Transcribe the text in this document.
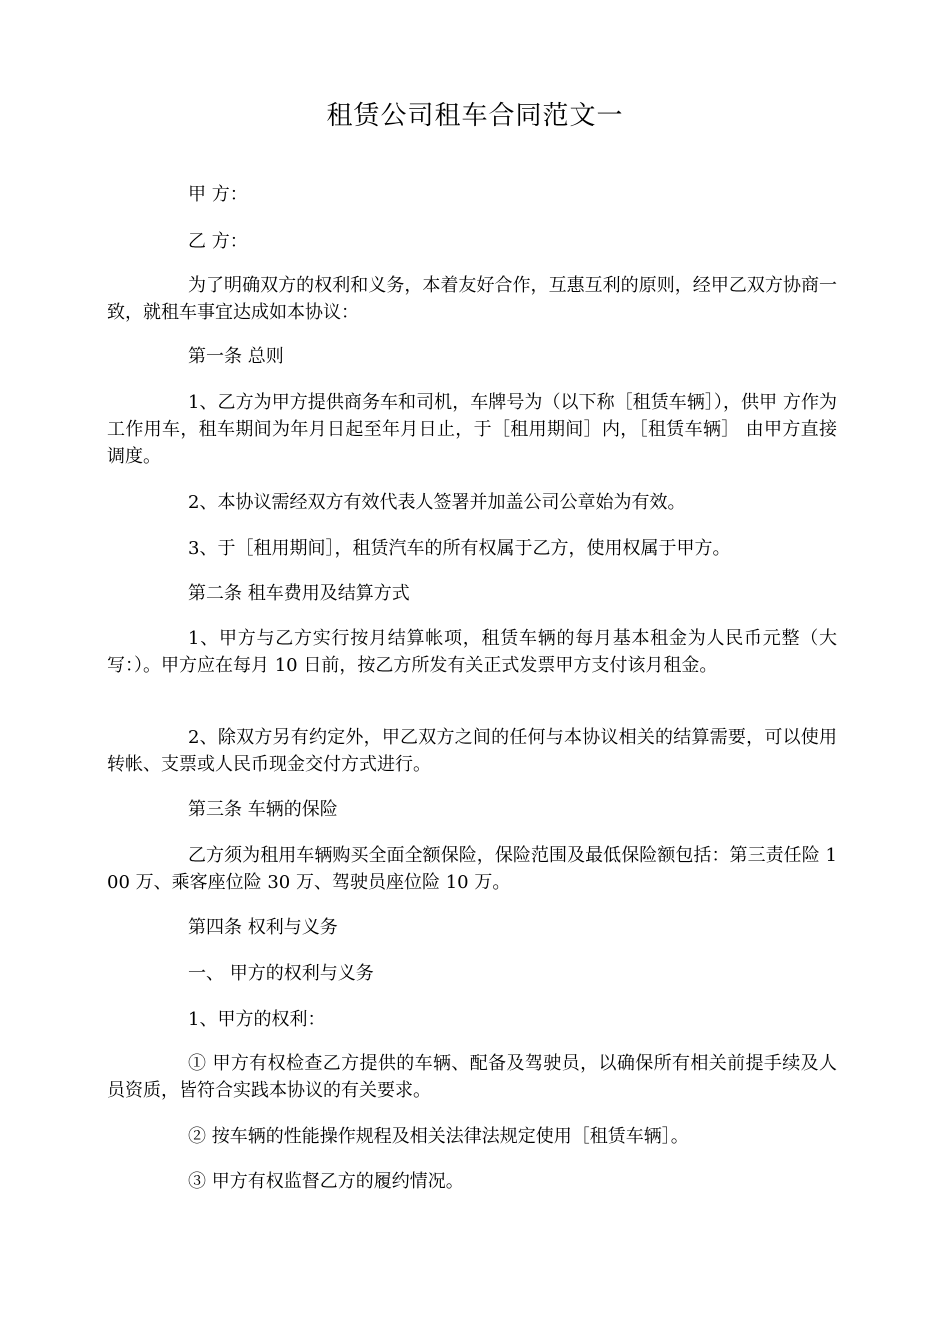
租赁公司租车合同范文一

甲 方：

乙 方：

为了明确双方的权利和义务，本着友好合作，互惠互利的原则，经甲乙双方协商一致，就租车事宜达成如本协议：

第一条 总则

1、乙方为甲方提供商务车和司机，车牌号为（以下称［租赁车辆］），供甲 方作为工作用车，租车期间为年月日起至年月日止，于［租用期间］内，［租赁车辆］ 由甲方直接调度。

2、本协议需经双方有效代表人签署并加盖公司公章始为有效。

3、于［租用期间］，租赁汽车的所有权属于乙方，使用权属于甲方。

第二条 租车费用及结算方式

1、甲方与乙方实行按月结算帐项，租赁车辆的每月基本租金为人民币元整（大写：）。甲方应在每月 10 日前，按乙方所发有关正式发票甲方支付该月租金。

2、除双方另有约定外，甲乙双方之间的任何与本协议相关的结算需要，可以使用转帐、支票或人民币现金交付方式进行。

第三条 车辆的保险

乙方须为租用车辆购买全面全额保险，保险范围及最低保险额包括：第三责任险 100 万、乘客座位险 30 万、驾驶员座位险 10 万。

第四条 权利与义务

一、 甲方的权利与义务

1、甲方的权利：

① 甲方有权检查乙方提供的车辆、配备及驾驶员，以确保所有相关前提手续及人员资质，皆符合实践本协议的有关要求。

② 按车辆的性能操作规程及相关法律法规定使用［租赁车辆］。

③ 甲方有权监督乙方的履约情况。
